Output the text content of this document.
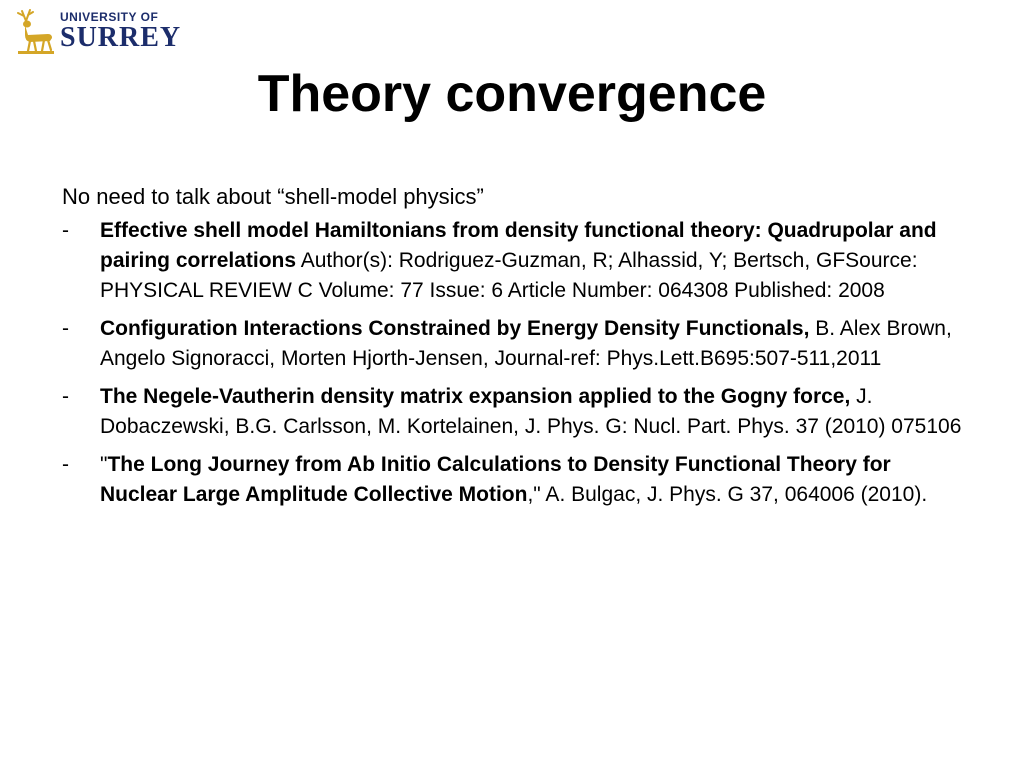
UNIVERSITY OF
SURREY
Theory convergence

No need to talk about “shell-model physics”

- Effective shell model Hamiltonians from density functional theory: Quadrupolar and pairing correlations Author(s): Rodriguez-Guzman, R; Alhassid, Y; Bertsch, GFSource: PHYSICAL REVIEW C Volume: 77 Issue: 6 Article Number: 064308 Published: 2008
- Configuration Interactions Constrained by Energy Density Functionals, B. Alex Brown, Angelo Signoracci, Morten Hjorth-Jensen, Journal-ref: Phys.Lett.B695:507-511,2011
- The Negele-Vautherin density matrix expansion applied to the Gogny force, J. Dobaczewski, B.G. Carlsson, M. Kortelainen, J. Phys. G: Nucl. Part. Phys. 37 (2010) 075106
- "The Long Journey from Ab Initio Calculations to Density Functional Theory for Nuclear Large Amplitude Collective Motion," A. Bulgac, J. Phys. G 37, 064006 (2010).
